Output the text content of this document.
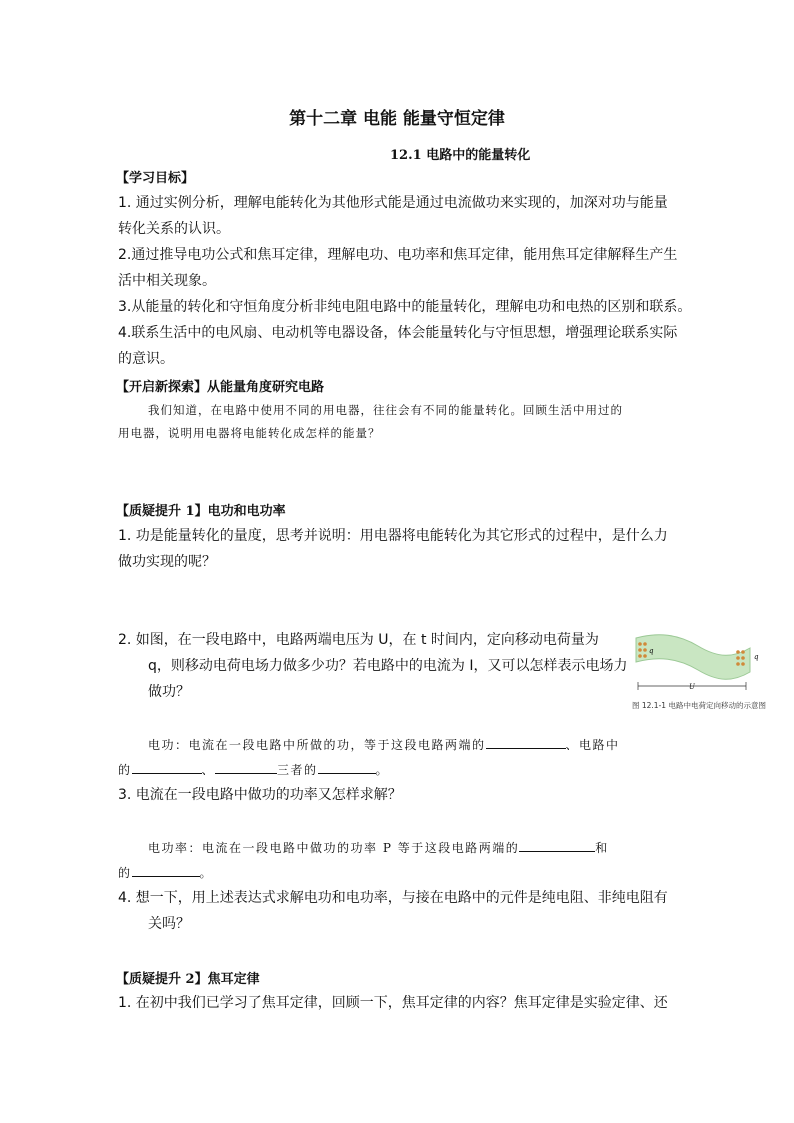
第十二章 电能 能量守恒定律
12.1 电路中的能量转化
【学习目标】
1. 通过实例分析，理解电能转化为其他形式能是通过电流做功来实现的，加深对功与能量
转化关系的认识。
2.通过推导电功公式和焦耳定律，理解电功、电功率和焦耳定律，能用焦耳定律解释生产生
活中相关现象。
3.从能量的转化和守恒角度分析非纯电阻电路中的能量转化，理解电功和电热的区别和联系。
4.联系生活中的电风扇、电动机等电器设备，体会能量转化与守恒思想，增强理论联系实际
的意识。
【开启新探索】从能量角度研究电路
我们知道，在电路中使用不同的用电器，往往会有不同的能量转化。回顾生活中用过的
用电器，说明用电器将电能转化成怎样的能量？
【质疑提升 1】电功和电功率
1. 功是能量转化的量度，思考并说明：用电器将电能转化为其它形式的过程中，是什么力
做功实现的呢？
2. 如图，在一段电路中，电路两端电压为 U，在 t 时间内，定向移动电荷量为
q，则移动电荷电场力做多少功？若电路中的电流为 I，又可以怎样表示电场力
做功？
q
q
U
图 12.1-1 电路中电荷定向移动的示意图
电功：电流在一段电路中所做的功，等于这段电路两端的	、电路中
的	、	三者的	。
3. 电流在一段电路中做功的功率又怎样求解？
电功率：电流在一段电路中做功的功率 P 等于这段电路两端的	和
的	。
4. 想一下，用上述表达式求解电功和电功率，与接在电路中的元件是纯电阻、非纯电阻有
关吗？
【质疑提升 2】焦耳定律
1. 在初中我们已学习了焦耳定律，回顾一下，焦耳定律的内容？焦耳定律是实验定律、还
